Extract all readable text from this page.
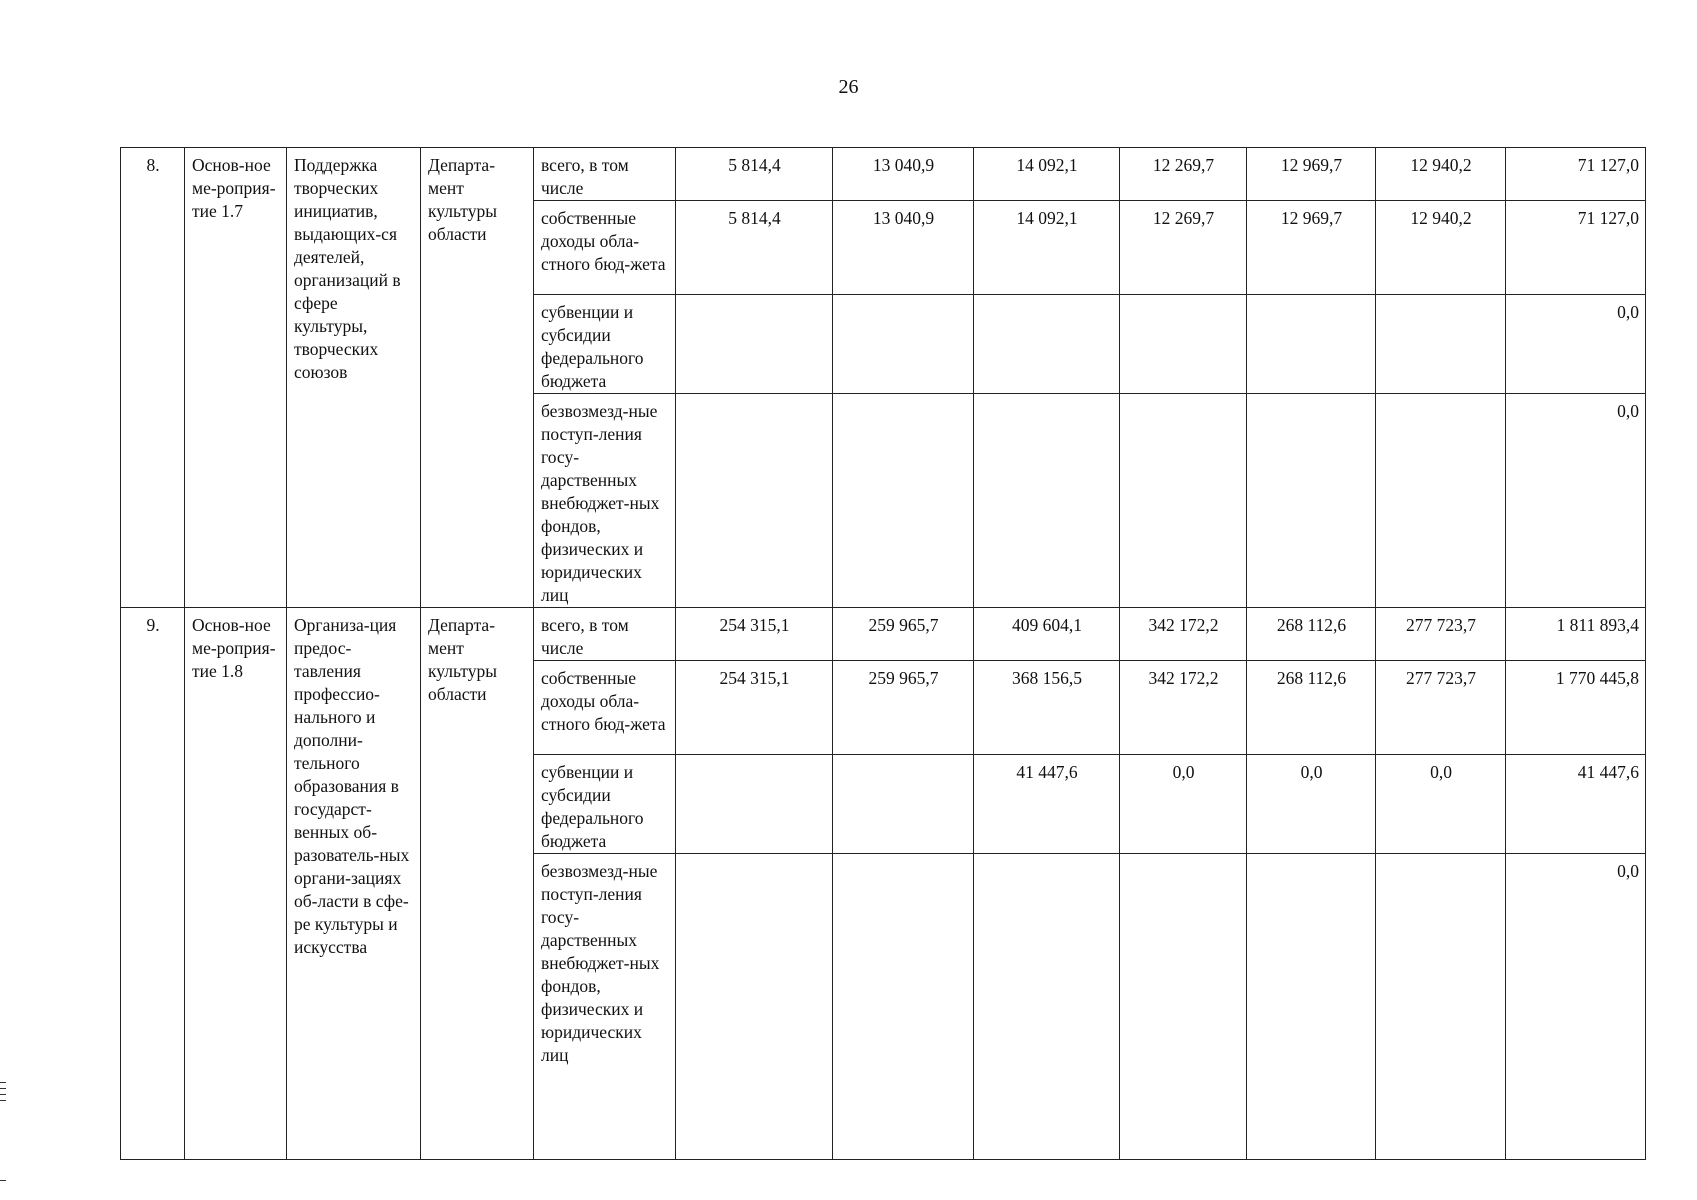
26
8.	Основ-ное ме-роприя-тие 1.7	Поддержка творческих инициатив, выдающих-ся деятелей, организаций в сфере культуры, творческих союзов	Департа-мент культуры области	всего, в том числе	5 814,4	13 040,9	14 092,1	12 269,7	12 969,7	12 940,2	71 127,0
				собственные доходы обла-стного бюд-жета	5 814,4	13 040,9	14 092,1	12 269,7	12 969,7	12 940,2	71 127,0
				субвенции и субсидии федерального бюджета							0,0
				безвозмезд-ные поступ-ления госу-дарственных внебюджет-ных фондов, физических и юридических лиц							0,0
9.	Основ-ное ме-роприя-тие 1.8	Организа-ция предос-тавления профессио-нального и дополни-тельного образования в государст-венных об-разователь-ных органи-зациях об-ласти в сфе-ре культуры и искусства	Департа-мент культуры области	всего, в том числе	254 315,1	259 965,7	409 604,1	342 172,2	268 112,6	277 723,7	1 811 893,4
				собственные доходы обла-стного бюд-жета	254 315,1	259 965,7	368 156,5	342 172,2	268 112,6	277 723,7	1 770 445,8
				субвенции и субсидии федерального бюджета			41 447,6	0,0	0,0	0,0	41 447,6
				безвозмезд-ные поступ-ления госу-дарственных внебюджет-ных фондов, физических и юридических лиц							0,0
